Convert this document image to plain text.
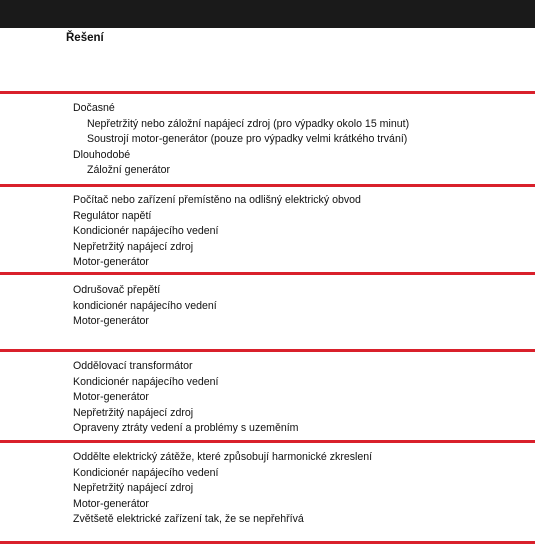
Řešení
Dočasné
Nepřetržitý nebo záložní napájecí zdroj (pro výpadky okolo 15 minut)
Soustrojí motor-generátor (pouze pro výpadky velmi krátkého trvání)
Dlouhodobé
Záložní generátor
Počítač nebo zařízení přemístěno na odlišný elektrický obvod
Regulátor napětí
Kondicionér napájecího vedení
Nepřetržitý napájecí zdroj
Motor-generátor
Odrušovač přepětí
kondicionér napájecího vedení
Motor-generátor
Oddělovací transformátor
Kondicionér napájecího vedení
Motor-generátor
Nepřetržitý napájecí zdroj
Opraveny ztráty vedení a problémy s uzeměním
Oddělte elektrický zátěže, které způsobují harmonické zkreslení
Kondicionér napájecího vedení
Nepřetržitý napájecí zdroj
Motor-generátor
Zvětšetě elektrické zařízení tak, že se nepřehřívá
